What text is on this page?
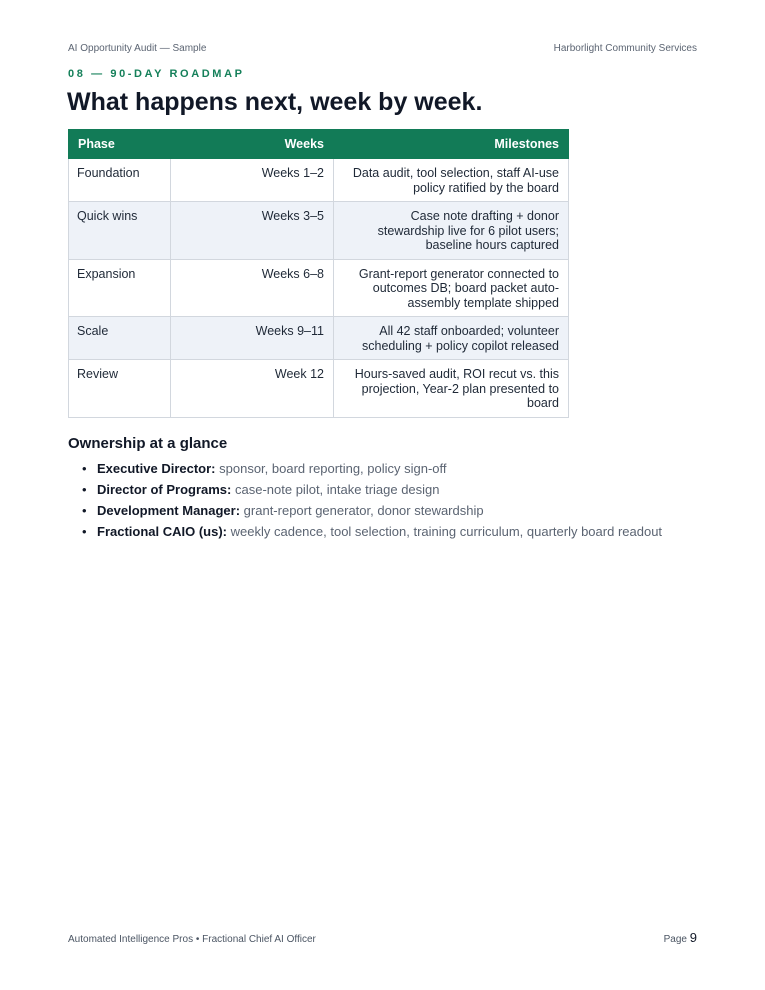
AI Opportunity Audit — Sample	Harborlight Community Services
08 — 90-DAY ROADMAP
What happens next, week by week.
Phase	Weeks	Milestones
Foundation	Weeks 1–2	Data audit, tool selection, staff AI-use policy ratified by the board
Quick wins	Weeks 3–5	Case note drafting + donor stewardship live for 6 pilot users; baseline hours captured
Expansion	Weeks 6–8	Grant-report generator connected to outcomes DB; board packet auto-assembly template shipped
Scale	Weeks 9–11	All 42 staff onboarded; volunteer scheduling + policy copilot released
Review	Week 12	Hours-saved audit, ROI recut vs. this projection, Year-2 plan presented to board
Ownership at a glance
• Executive Director: sponsor, board reporting, policy sign-off
• Director of Programs: case-note pilot, intake triage design
• Development Manager: grant-report generator, donor stewardship
• Fractional CAIO (us): weekly cadence, tool selection, training curriculum, quarterly board readout
Automated Intelligence Pros • Fractional Chief AI Officer	Page 9
